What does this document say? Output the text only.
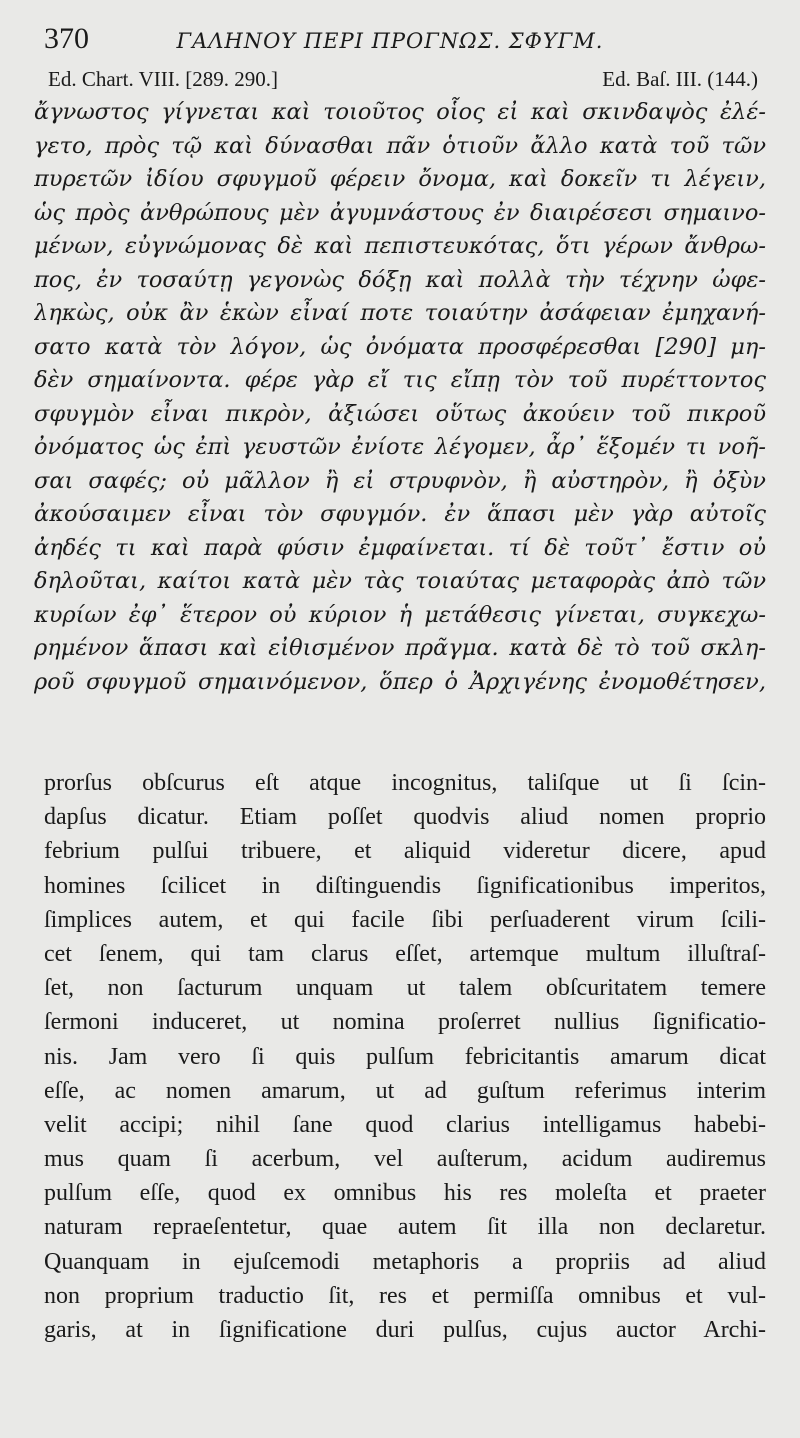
370	ΓΑΛΗΝΟΥ ΠΕΡΙ ΠΡΟΓΝΩΣ. ΣΦΥΓΜ.
Ed. Chart. VIII. [289. 290.]	Ed. Baſ. III. (144.)
ἄγνωστος γίγνεται καὶ τοιοῦτος οἷος εἰ καὶ σκινδαψὸς ἐλέ-
γετο, πρὸς τῷ καὶ δύνασθαι πᾶν ὁτιοῦν ἄλλο κατὰ τοῦ τῶν
πυρετῶν ἰδίου σφυγμοῦ φέρειν ὄνομα, καὶ δοκεῖν τι λέγειν,
ὡς πρὸς ἀνθρώπους μὲν ἀγυμνάστους ἐν διαιρέσεσι σημαινο-
μένων, εὐγνώμονας δὲ καὶ πεπιστευκότας, ὅτι γέρων ἄνθρω-
πος, ἐν τοσαύτῃ γεγονὼς δόξῃ καὶ πολλὰ τὴν τέχνην ὠφε-
ληκὼς, οὐκ ἂν ἑκὼν εἶναί ποτε τοιαύτην ἀσάφειαν ἐμηχανή-
σατο κατὰ τὸν λόγον, ὡς ὀνόματα προσφέρεσθαι [290] μη-
δὲν σημαίνοντα. φέρε γὰρ εἴ τις εἴπῃ τὸν τοῦ πυρέττοντος
σφυγμὸν εἶναι πικρὸν, ἀξιώσει οὕτως ἀκούειν τοῦ πικροῦ
ὀνόματος ὡς ἐπὶ γευστῶν ἐνίοτε λέγομεν, ἆρ᾽ ἕξομέν τι νοῆ-
σαι σαφές; οὐ μᾶλλον ἢ εἰ στρυφνὸν, ἢ αὐστηρὸν, ἢ ὀξὺν
ἀκούσαιμεν εἶναι τὸν σφυγμόν. ἐν ἅπασι μὲν γὰρ αὐτοῖς
ἀηδές τι καὶ παρὰ φύσιν ἐμφαίνεται. τί δὲ τοῦτ᾽ ἔστιν οὐ
δηλοῦται, καίτοι κατὰ μὲν τὰς τοιαύτας μεταφορὰς ἀπὸ τῶν
κυρίων ἐφ᾽ ἕτερον οὐ κύριον ἡ μετάθεσις γίνεται, συγκεχω-
ρημένον ἅπασι καὶ εἰθισμένον πρᾶγμα. κατὰ δὲ τὸ τοῦ σκλη-
ροῦ σφυγμοῦ σημαινόμενον, ὅπερ ὁ Ἀρχιγένης ἐνομοθέτησεν,
prorſus obſcurus eſt atque incognitus, taliſque ut ſi ſcin-
dapſus dicatur. Etiam poſſet quodvis aliud nomen proprio
febrium pulſui tribuere, et aliquid videretur dicere, apud
homines ſcilicet in diſtinguendis ſignificationibus imperitos,
ſimplices autem, et qui facile ſibi perſuaderent virum ſcili-
cet ſenem, qui tam clarus eſſet, artemque multum illuſtraſ-
ſet, non ſacturum unquam ut talem obſcuritatem temere
ſermoni induceret, ut nomina proſerret nullius ſignificatio-
nis. Jam vero ſi quis pulſum febricitantis amarum dicat
eſſe, ac nomen amarum, ut ad guſtum referimus interim
velit accipi; nihil ſane quod clarius intelligamus habebi-
mus quam ſi acerbum, vel auſterum, acidum audiremus
pulſum eſſe, quod ex omnibus his res moleſta et praeter
naturam repraeſentetur, quae autem ſit illa non declaretur.
Quanquam in ejuſcemodi metaphoris a propriis ad aliud
non proprium traductio ſit, res et permiſſa omnibus et vul-
garis, at in ſignificatione duri pulſus, cujus auctor Archi-
